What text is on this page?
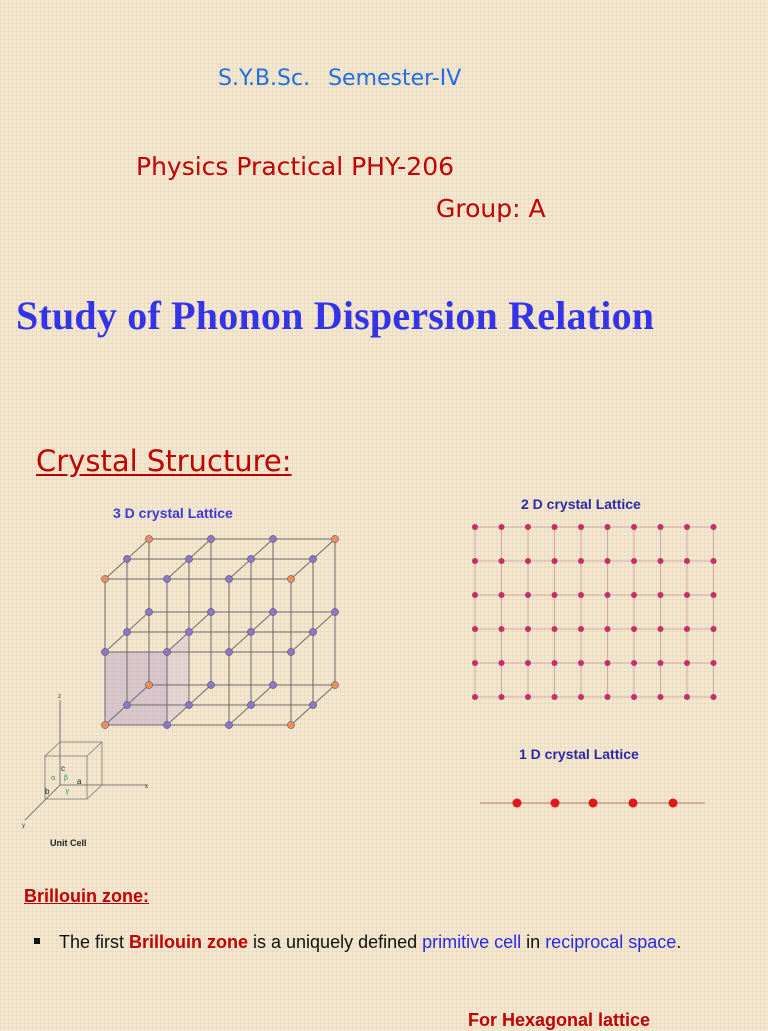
S.Y.B.Sc. Semester-IV
Physics Practical PHY-206
Group: A
Study of Phonon Dispersion Relation
Crystal Structure:
3 D crystal Lattice
2 D crystal Lattice
1 D crystal Lattice
Unit Cell
z
x
y
c
a
b
α β
γ
Brillouin zone:
The first Brillouin zone is a uniquely defined primitive cell in reciprocal space.
For Hexagonal lattice
